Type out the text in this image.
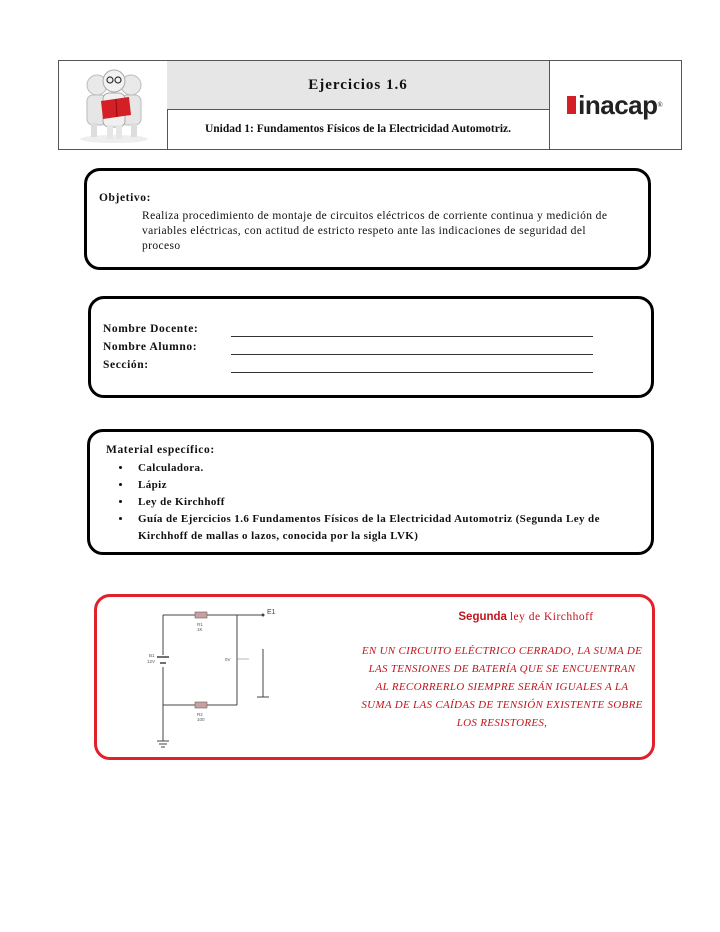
Ejercicios 1.6
Unidad 1: Fundamentos Físicos de la Electricidad Automotriz.
inacap ®
Objetivo:
Realiza procedimiento de montaje de circuitos eléctricos de corriente continua y medición de variables eléctricas, con actitud de estricto respeto ante las indicaciones de seguridad del proceso
Nombre Docente:
Nombre Alumno:
Sección:
Material específico:
• Calculadora.
• Lápiz
• Ley de Kirchhoff
• Guía de Ejercicios 1.6 Fundamentos Físicos de la Electricidad Automotriz (Segunda Ley de Kirchhoff de mallas o lazos, conocida por la sigla LVK)
E1
R1
1K
R2
100
B1
12V	0V
Segunda ley de Kirchhoff
EN UN CIRCUITO ELÉCTRICO CERRADO, LA SUMA DE LAS TENSIONES DE BATERÍA QUE SE ENCUENTRAN AL RECORRERLO SIEMPRE SERÁN IGUALES A LA SUMA DE LAS CAÍDAS DE TENSIÓN EXISTENTE SOBRE LOS RESISTORES,
